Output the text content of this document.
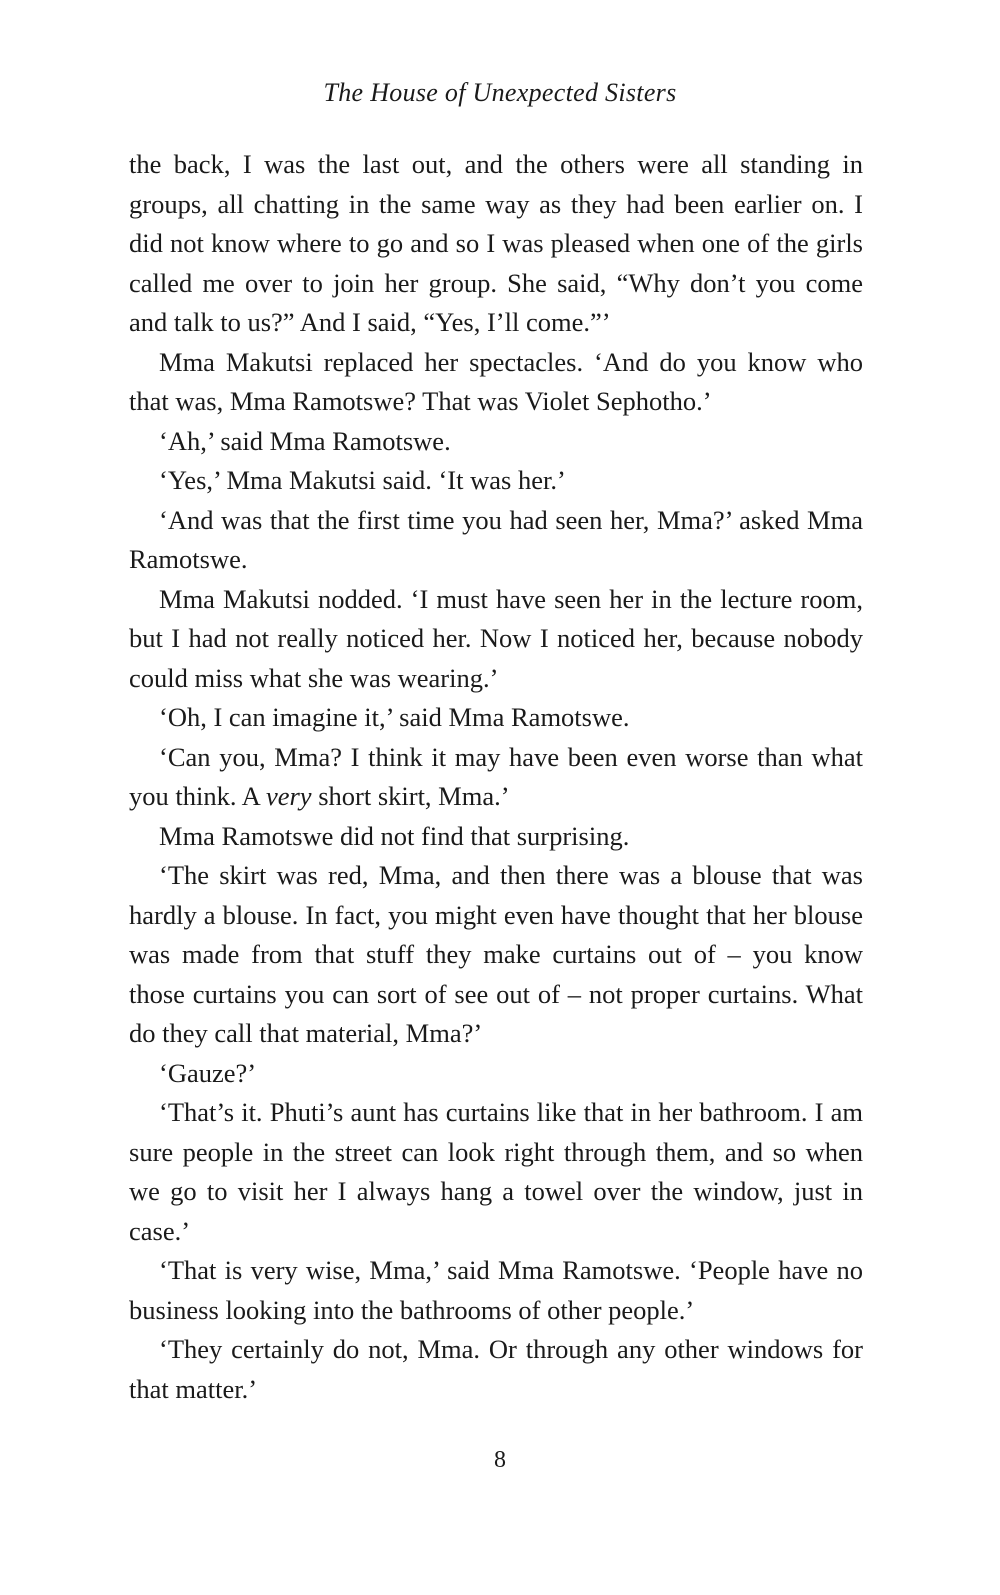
The House of Unexpected Sisters

the back, I was the last out, and the others were all standing in groups, all chatting in the same way as they had been earlier on. I did not know where to go and so I was pleased when one of the girls called me over to join her group. She said, “Why don’t you come and talk to us?” And I said, “Yes, I’ll come.”’

Mma Makutsi replaced her spectacles. ‘And do you know who that was, Mma Ramotswe? That was Violet Sephotho.’

‘Ah,’ said Mma Ramotswe.

‘Yes,’ Mma Makutsi said. ‘It was her.’

‘And was that the first time you had seen her, Mma?’ asked Mma Ramotswe.

Mma Makutsi nodded. ‘I must have seen her in the lecture room, but I had not really noticed her. Now I noticed her, because nobody could miss what she was wearing.’

‘Oh, I can imagine it,’ said Mma Ramotswe.

‘Can you, Mma? I think it may have been even worse than what you think. A very short skirt, Mma.’

Mma Ramotswe did not find that surprising.

‘The skirt was red, Mma, and then there was a blouse that was hardly a blouse. In fact, you might even have thought that her blouse was made from that stuff they make curtains out of – you know those curtains you can sort of see out of – not proper curtains. What do they call that material, Mma?’

‘Gauze?’

‘That’s it. Phuti’s aunt has curtains like that in her bathroom. I am sure people in the street can look right through them, and so when we go to visit her I always hang a towel over the window, just in case.’

‘That is very wise, Mma,’ said Mma Ramotswe. ‘People have no business looking into the bathrooms of other people.’

‘They certainly do not, Mma. Or through any other windows for that matter.’

8
